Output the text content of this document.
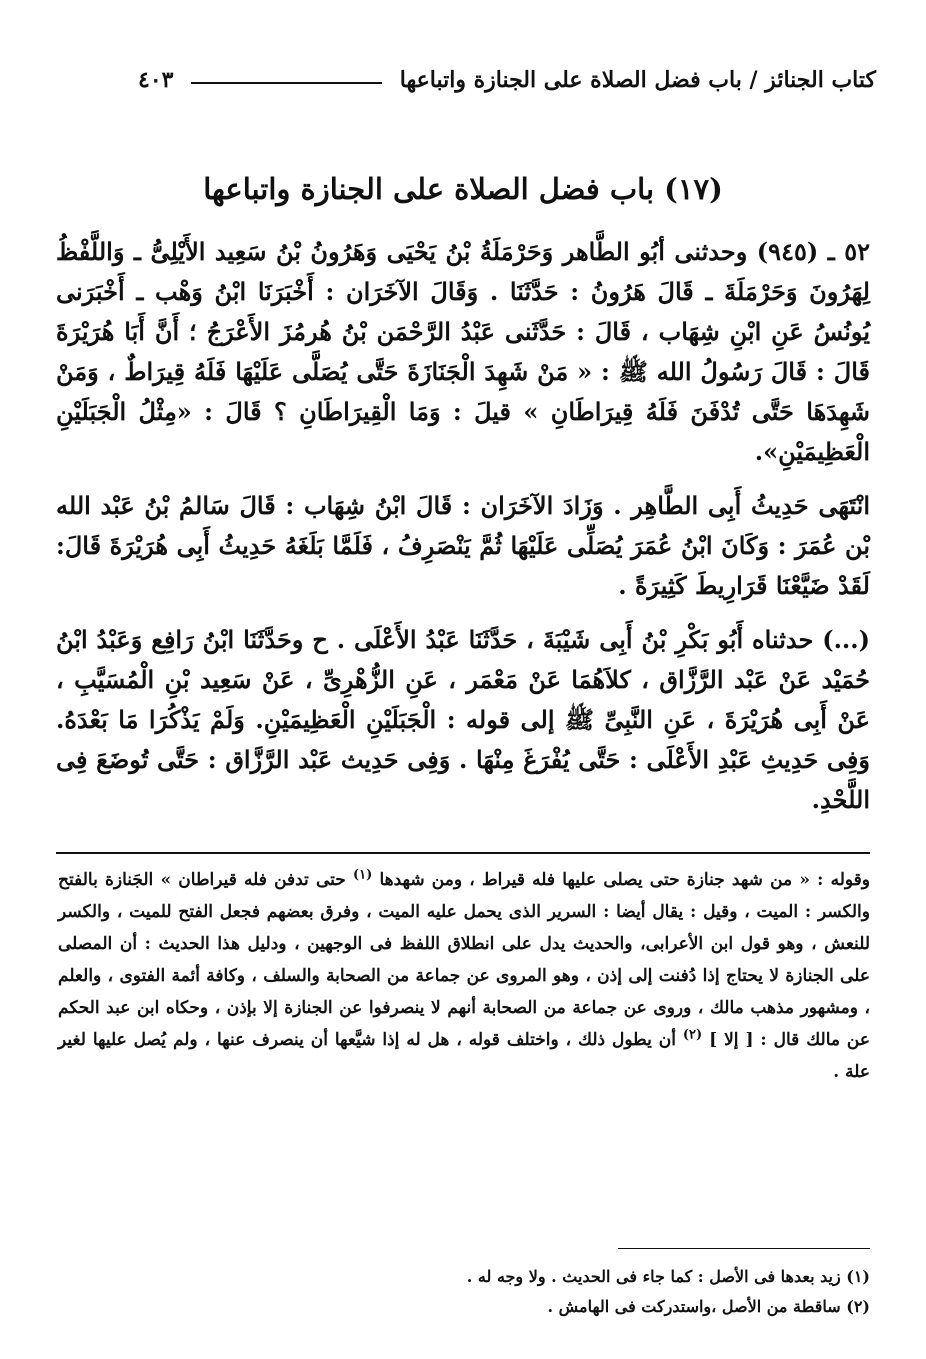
كتاب الجنائز / باب فضل الصلاة على الجنازة واتباعها
٤٠٣
(١٧) باب فضل الصلاة على الجنازة واتباعها

٥٢ ـ (٩٤٥) وحدثنى أبُو الطَّاهر وَحَرْمَلَةُ بْنُ يَحْيَى وَهَرُونُ بْنُ سَعِيد الأَيْلِىُّ ـ وَاللَّفْظُ لِهَرُونَ وَحَرْمَلَةَ ـ قَالَ هَرُونُ : حَدَّثَنَا . وَقَالَ الآخَرَان : أَخْبَرَنَا ابْنُ وَهْب ـ أَخْبَرَنى يُونُسُ عَنِ ابْنِ شِهَاب ، قَالَ : حَدَّثَنى عَبْدُ الرَّحْمَن بْنُ هُرمُزَ الأَعْرَجُ ؛ أَنَّ أَبَا هُرَيْرَةَ قَالَ : قَالَ رَسُولُ الله ﷺ : « مَنْ شَهِدَ الْجَنَازَةَ حَتَّى يُصَلَّى عَلَيْهَا فَلَهُ قِيرَاطٌ ، وَمَنْ شَهِدَهَا حَتَّى تُدْفَنَ فَلَهُ قِيرَاطَانِ » قيلَ : وَمَا الْقِيرَاطَانِ ؟ قَالَ : «مِثْلُ الْجَبَلَيْنِ الْعَظِيمَيْنِ».

انْتَهَى حَدِيثُ أَبِى الطَّاهِر . وَزَادَ الآخَرَان : قَالَ ابْنُ شِهَاب : قَالَ سَالمُ بْنُ عَبْد الله بْن عُمَرَ : وَكَانَ ابْنُ عُمَرَ يُصَلِّى عَلَيْهَا ثُمَّ يَنْصَرِفُ ، فَلَمَّا بَلَغَهُ حَدِيثُ أَبِى هُرَيْرَةَ قَالَ: لَقَدْ ضَيَّعْنَا قَرَارِيطَ كَثِيرَةً .

(...) حدثناه أَبُو بَكْرِ بْنُ أَبِى شَيْبَةَ ، حَدَّثَنَا عَبْدُ الأَعْلَى . ح وحَدَّثَنَا ابْنُ رَافِع وَعَبْدُ ابْنُ حُمَيْد عَنْ عَبْد الرَّزَّاق ، كلاَهُمَا عَنْ مَعْمَر ، عَنِ الزُّهْرِىِّ ، عَنْ سَعِيد بْنِ الْمُسَيَّبِ ، عَنْ أَبِى هُرَيْرَةَ ، عَنِ النَّبِىِّ ﷺ إلى قوله : الْجَبَلَيْنِ الْعَظِيمَيْنِ. وَلَمْ يَذْكُرَا مَا بَعْدَهُ. وَفِى حَدِيثِ عَبْدِ الأَعْلَى : حَتَّى يُفْرَغَ مِنْهَا . وَفِى حَدِيث عَبْد الرَّزَّاق : حَتَّى تُوضَعَ فِى اللَّحْدِ.

وقوله : « من شهد جنازة حتى يصلى عليها فله قيراط ، ومن شهدها $^{(١)}$ حتى تدفن فله قيراطان » الجَنازة بالفتح والكسر : الميت ، وقيل : يقال أيضا : السرير الذى يحمل عليه الميت ، وفرق بعضهم فجعل الفتح للميت ، والكسر للنعش ، وهو قول ابن الأعرابى، والحديث يدل على انطلاق اللفظ فى الوجهين ، ودليل هذا الحديث : أن المصلى على الجنازة لا يحتاج إذا دُفنت إلى إذن ، وهو المروى عن جماعة من الصحابة والسلف ، وكافة أئمة الفتوى ، والعلم ، ومشهور مذهب مالك ، وروى عن جماعة من الصحابة أنهم لا ينصرفوا عن الجنازة إلا بإذن ، وحكاه ابن عبد الحكم عن مالك قال : [ إلا ] $^{(٢)}$ أن يطول ذلك ، واختلف قوله ، هل له إذا شيَّعها أن ينصرف عنها ، ولم يُصل عليها لغير علة .

(١) زيد بعدها فى الأصل : كما جاء فى الحديث . ولا وجه له .

(٢) ساقطة من الأصل ،واستدركت فى الهامش .
